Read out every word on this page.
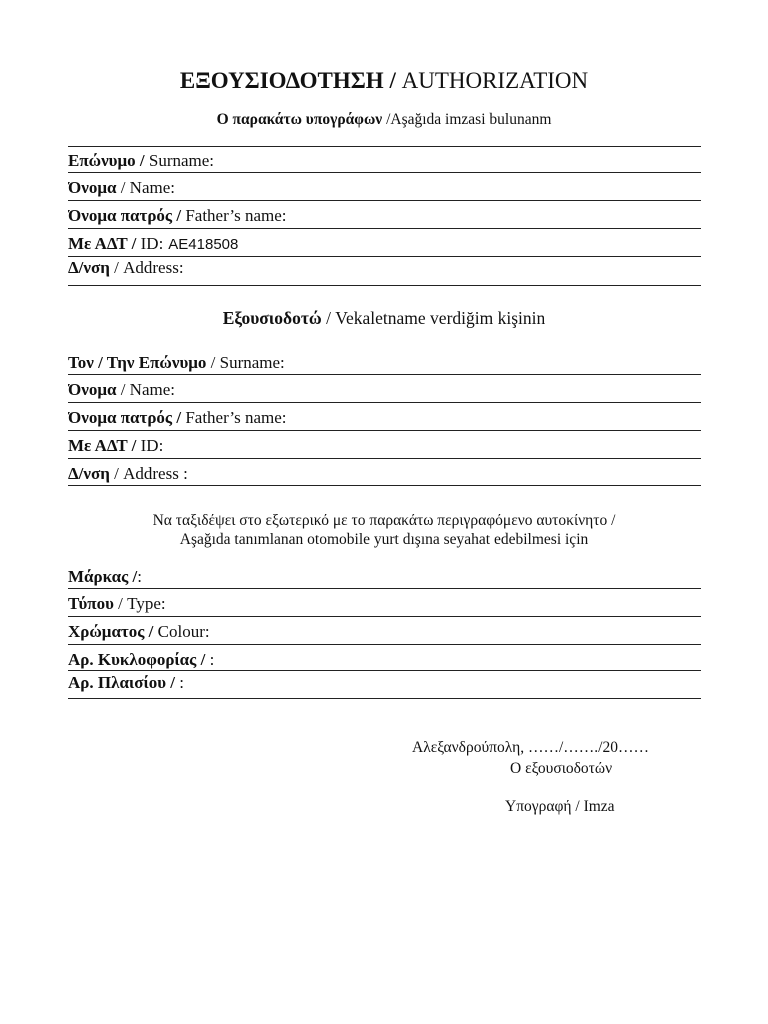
ΕΞΟΥΣΙΟΔΟΤΗΣΗ / AUTHORIZATION
Ο παρακάτω υπογράφων /Aşağıda imzasi bulunanm
Επώνυμο / Surname:
Όνομα / Name:
Όνομα πατρός / Father’s name:
Με ΑΔΤ / ID: AE418508
Δ/νση / Address:
Εξουσιοδοτώ / Vekaletname verdiğim kişinin
Τον / Την Επώνυμο / Surname:
Όνομα / Name:
Όνομα πατρός / Father’s name:
Με ΑΔΤ / ID:
Δ/νση / Address :
Να ταξιδέψει στο εξωτερικό με το παρακάτω περιγραφόμενο αυτοκίνητο /
Aşağıda tanımlanan otomobile yurt dışına seyahat edebilmesi için
Μάρκας /:
Τύπου / Type:
Χρώματος / Colour:
Αρ. Κυκλοφορίας / :
Αρ. Πλαισίου / :
Αλεξανδρούπολη, ……/……./20……
Ο εξουσιοδοτών
Υπογραφή / Imza
